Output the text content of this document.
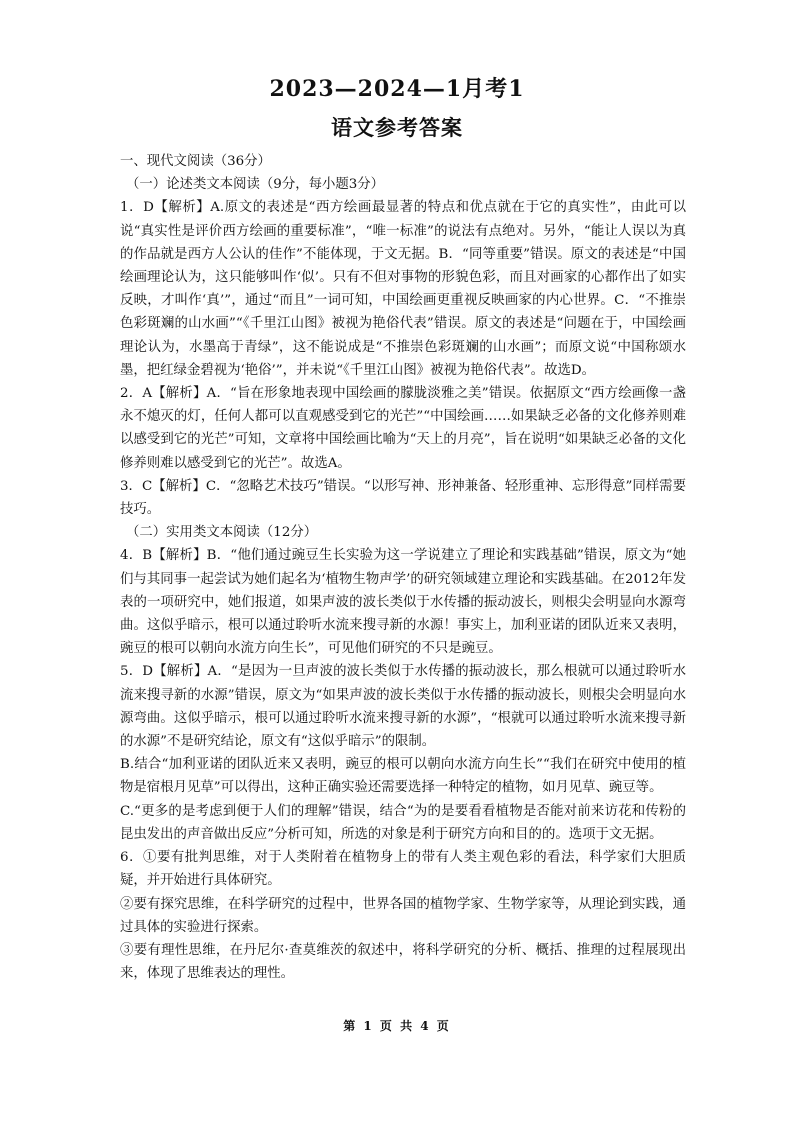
2023—2024—1月考1
语文参考答案

一、现代文阅读（36分）

（一）论述类文本阅读（9分，每小题3分）

1．D【解析】A.原文的表述是“西方绘画最显著的特点和优点就在于它的真实性”，由此可以说“真实性是评价西方绘画的重要标准”，“唯一标准”的说法有点绝对。另外，“能让人误以为真的作品就是西方人公认的佳作”不能体现，于文无据。B．“同等重要”错误。原文的表述是“中国绘画理论认为，这只能够叫作‘似’。只有不但对事物的形貌色彩，而且对画家的心都作出了如实反映，才叫作‘真’”，通过“而且”一词可知，中国绘画更重视反映画家的内心世界。C．“不推崇色彩斑斓的山水画”“《千里江山图》被视为艳俗代表”错误。原文的表述是“问题在于，中国绘画理论认为，水墨高于青绿”，这不能说成是“不推崇色彩斑斓的山水画”；而原文说“中国称颂水墨，把红绿金碧视为‘艳俗’”，并未说“《千里江山图》被视为艳俗代表”。故选D。

2．A【解析】A．“旨在形象地表现中国绘画的朦胧淡雅之美”错误。依据原文“西方绘画像一盏永不熄灭的灯，任何人都可以直观感受到它的光芒”“中国绘画……如果缺乏必备的文化修养则难以感受到它的光芒”可知，文章将中国绘画比喻为“天上的月亮”，旨在说明“如果缺乏必备的文化修养则难以感受到它的光芒”。故选A。

3．C【解析】C．“忽略艺术技巧”错误。“以形写神、形神兼备、轻形重神、忘形得意”同样需要技巧。

（二）实用类文本阅读（12分）

4．B【解析】B．“他们通过豌豆生长实验为这一学说建立了理论和实践基础”错误，原文为“她们与其同事一起尝试为她们起名为‘植物生物声学’的研究领域建立理论和实践基础。在2012年发表的一项研究中，她们报道，如果声波的波长类似于水传播的振动波长，则根尖会明显向水源弯曲。这似乎暗示，根可以通过聆听水流来搜寻新的水源！事实上，加利亚诺的团队近来又表明，豌豆的根可以朝向水流方向生长”，可见他们研究的不只是豌豆。

5．D【解析】A．“是因为一旦声波的波长类似于水传播的振动波长，那么根就可以通过聆听水流来搜寻新的水源”错误，原文为“如果声波的波长类似于水传播的振动波长，则根尖会明显向水源弯曲。这似乎暗示，根可以通过聆听水流来搜寻新的水源”，“根就可以通过聆听水流来搜寻新的水源”不是研究结论，原文有“这似乎暗示”的限制。

B.结合“加利亚诺的团队近来又表明，豌豆的根可以朝向水流方向生长”“我们在研究中使用的植物是宿根月见草”可以得出，这种正确实验还需要选择一种特定的植物，如月见草、豌豆等。

C.“更多的是考虑到便于人们的理解”错误，结合“为的是要看看植物是否能对前来访花和传粉的昆虫发出的声音做出反应”分析可知，所选的对象是利于研究方向和目的的。选项于文无据。

6．①要有批判思维，对于人类附着在植物身上的带有人类主观色彩的看法，科学家们大胆质疑，并开始进行具体研究。

②要有探究思维，在科学研究的过程中，世界各国的植物学家、生物学家等，从理论到实践，通过具体的实验进行探索。

③要有理性思维，在丹尼尔·查莫维茨的叙述中，将科学研究的分析、概括、推理的过程展现出来，体现了思维表达的理性。

第 1 页 共 4 页
